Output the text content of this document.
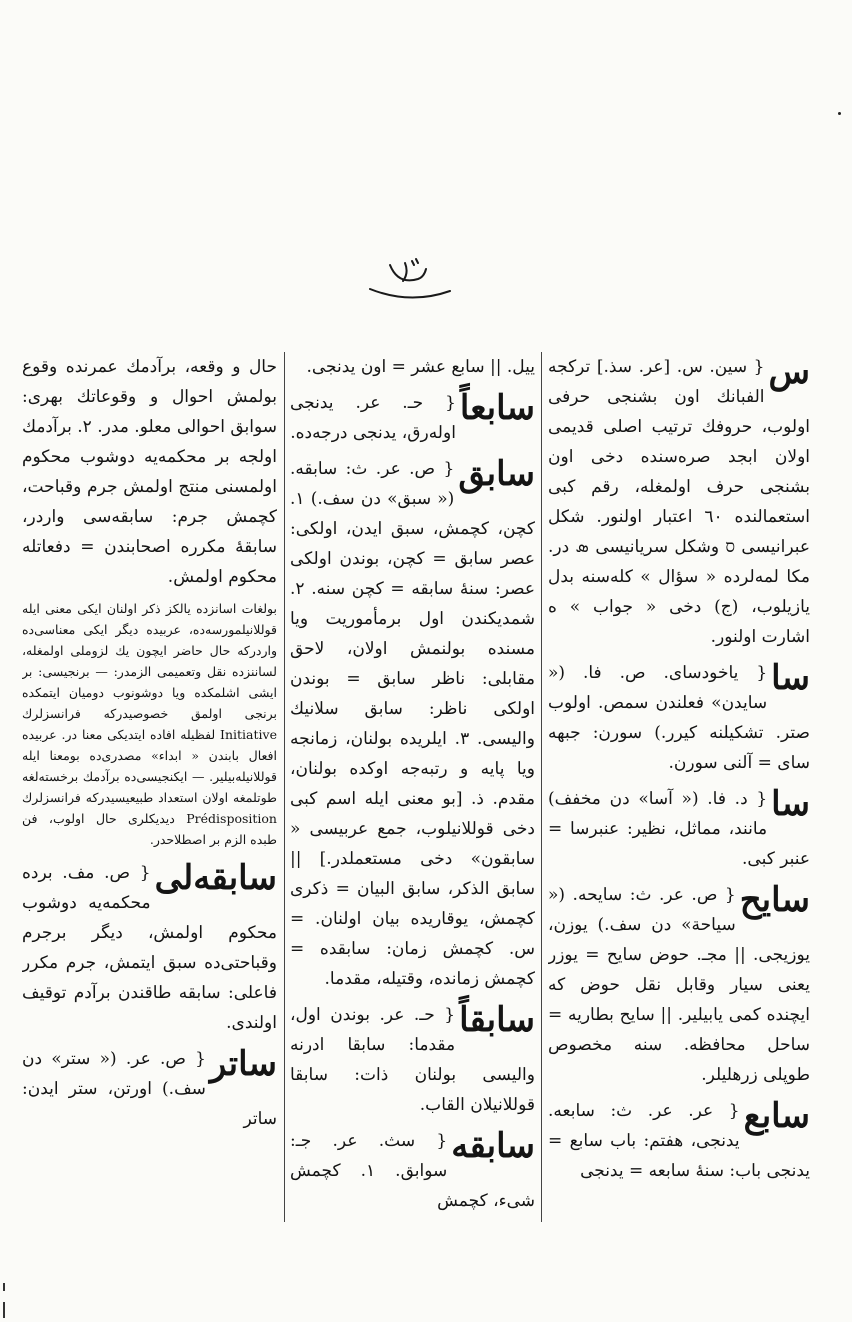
س
{ سين. س. [عر. سذ.] ترکجه الفبانك اون بشنجی حرفی اولوب، حروفك ترتيب اصلی‌ قديمی اولان ابجد صره‌سنده دخی اون بشنجی حرف اولمغله، رقم کبی استعمالنده ٦٠ اعتبار اولنور. شکل عبرانيسی ס وشکل سريانيسی ܣ در. مکا لمه‌لرده « سؤال » کله‌سنه بدل يازيلوب، (ج) دخی « جواب » ه اشارت اولنور.
سا
{ ياخودسای. ص. فا. (« سايدن» فعلندن سمص. اولوب صتر. تشکيلنه کيرر.) سورن: جبهه سای = آلنی سورن.
سا
{ د. فا. (« آسا» دن مخفف) مانند، مماثل، نظير: عنبرسا = عنبر کبی.
سايح
{ ص. عر. ث: سايحه. (« سياحة» دن سف.) يوزن، يوزيجی. || مجـ. حوض سايح = يوزر يعنی سيار وقابل نقل حوض که ايچنده کمی يابيلير. || سايح بطاريه = ساحل محافظه. سنه مخصوص طوپلی زرهليلر.
سابع
{ عر. عر. ث: سابعه. يدنجی، هفتم: باب سابع = يدنجی باب: سنهٔ سابعه = يدنجی
ييل. || سابع عشر = اون يدنجی.
سابعاً
{ حـ. عر. يدنجی اوله‌رق، يدنجی درجه‌ده.
سابق
{ ص. عر. ث: سابقه. (« سبق» دن سف.) ١. کچن، کچمش، سبق ايدن، اولکی: عصر سابق = کچن، بوندن اولکی عصر: سنهٔ سابقه = کچن سنه. ٢. شمديکندن اول برمأموريت ويا مسنده بولنمش اولان، لاحق مقابلی: ناظر سابق = بوندن اولکی ناظر: سابق سلانيك واليسی. ٣. ايلريده بولنان، زمانجه ويا پايه و رتبه‌جه اوکده بولنان، مقدم. ذ. [بو معنی ايله اسم کبی دخی قوللانيلوب، جمع عربيسی « سابقون» دخی مستعملدر.] || سابق الذکر، سابق البيان = ذکری کچمش، يوقاريده بيان اولنان. = س. کچمش زمان: سابقده = کچمش زمانده، وقتيله، مقدما.
سابقاً
{ حـ. عر. بوندن اول، مقدما: سابقا ادرنه والیسی بولنان ذات: سابقا قوللانيلان القاب.
سابقه
{ سث. عر. جـ: سوابق. ١. کچمش شیء، کچمش
حال و وقعه، برآدمك عمرنده وقوع بولمش احوال و وقوعاتك بهری: سوابق احوالی معلو. مدر. ٢. برآدمك اولجه بر محکمه‌يه دوشوب محکوم اولمسنی منتج اولمش جرم وقباحت، کچمش جرم: سابقه‌سی واردر، سابقهٔ مکرره اصحابندن = دفعاتله محکوم اولمش.
بولغات اسانزده يالکز ذکر اولنان ايکی معنی ايله قوللانيلمورسه‌ده، عربيده ديگر ايکی معناسی‌ده واردرکه حال حاضر ايچون يك لزوملی اولمغله، لساننزده نقل وتعميمی الزمدر: — برنجيسی: بر ايشی اشلمکده ويا دوشونوب دوميان ايتمکده برنجی اولمق خصوصيدرکه فرانسزلرك Initiative لفظيله افاده ايتديکی معنا در. عربيده افعال بابندن « ابداء» مصدری‌ده بومعنا ايله قوللانيله‌بيلير. — ايکنجيسی‌ده برآدمك برخسته‌لغه طوتلمغه اولان استعداد طبيعيسيدرکه فرانسزلرك Prédisposition ديديکلری حال اولوب، فن طبده الزم بر اصطلاحدر.
سابقه‌لی
{ ص. مف. برده محکمه‌يه دوشوب محکوم اولمش، ديگر برجرم وقباحتی‌ده سبق ايتمش، جرم مکرر فاعلی: سابقه طاقندن برآدم توقيف اولندی.
ساتر
{ ص. عر. (« ستر» دن سف.) اورتن، ستر ايدن: ساتر
